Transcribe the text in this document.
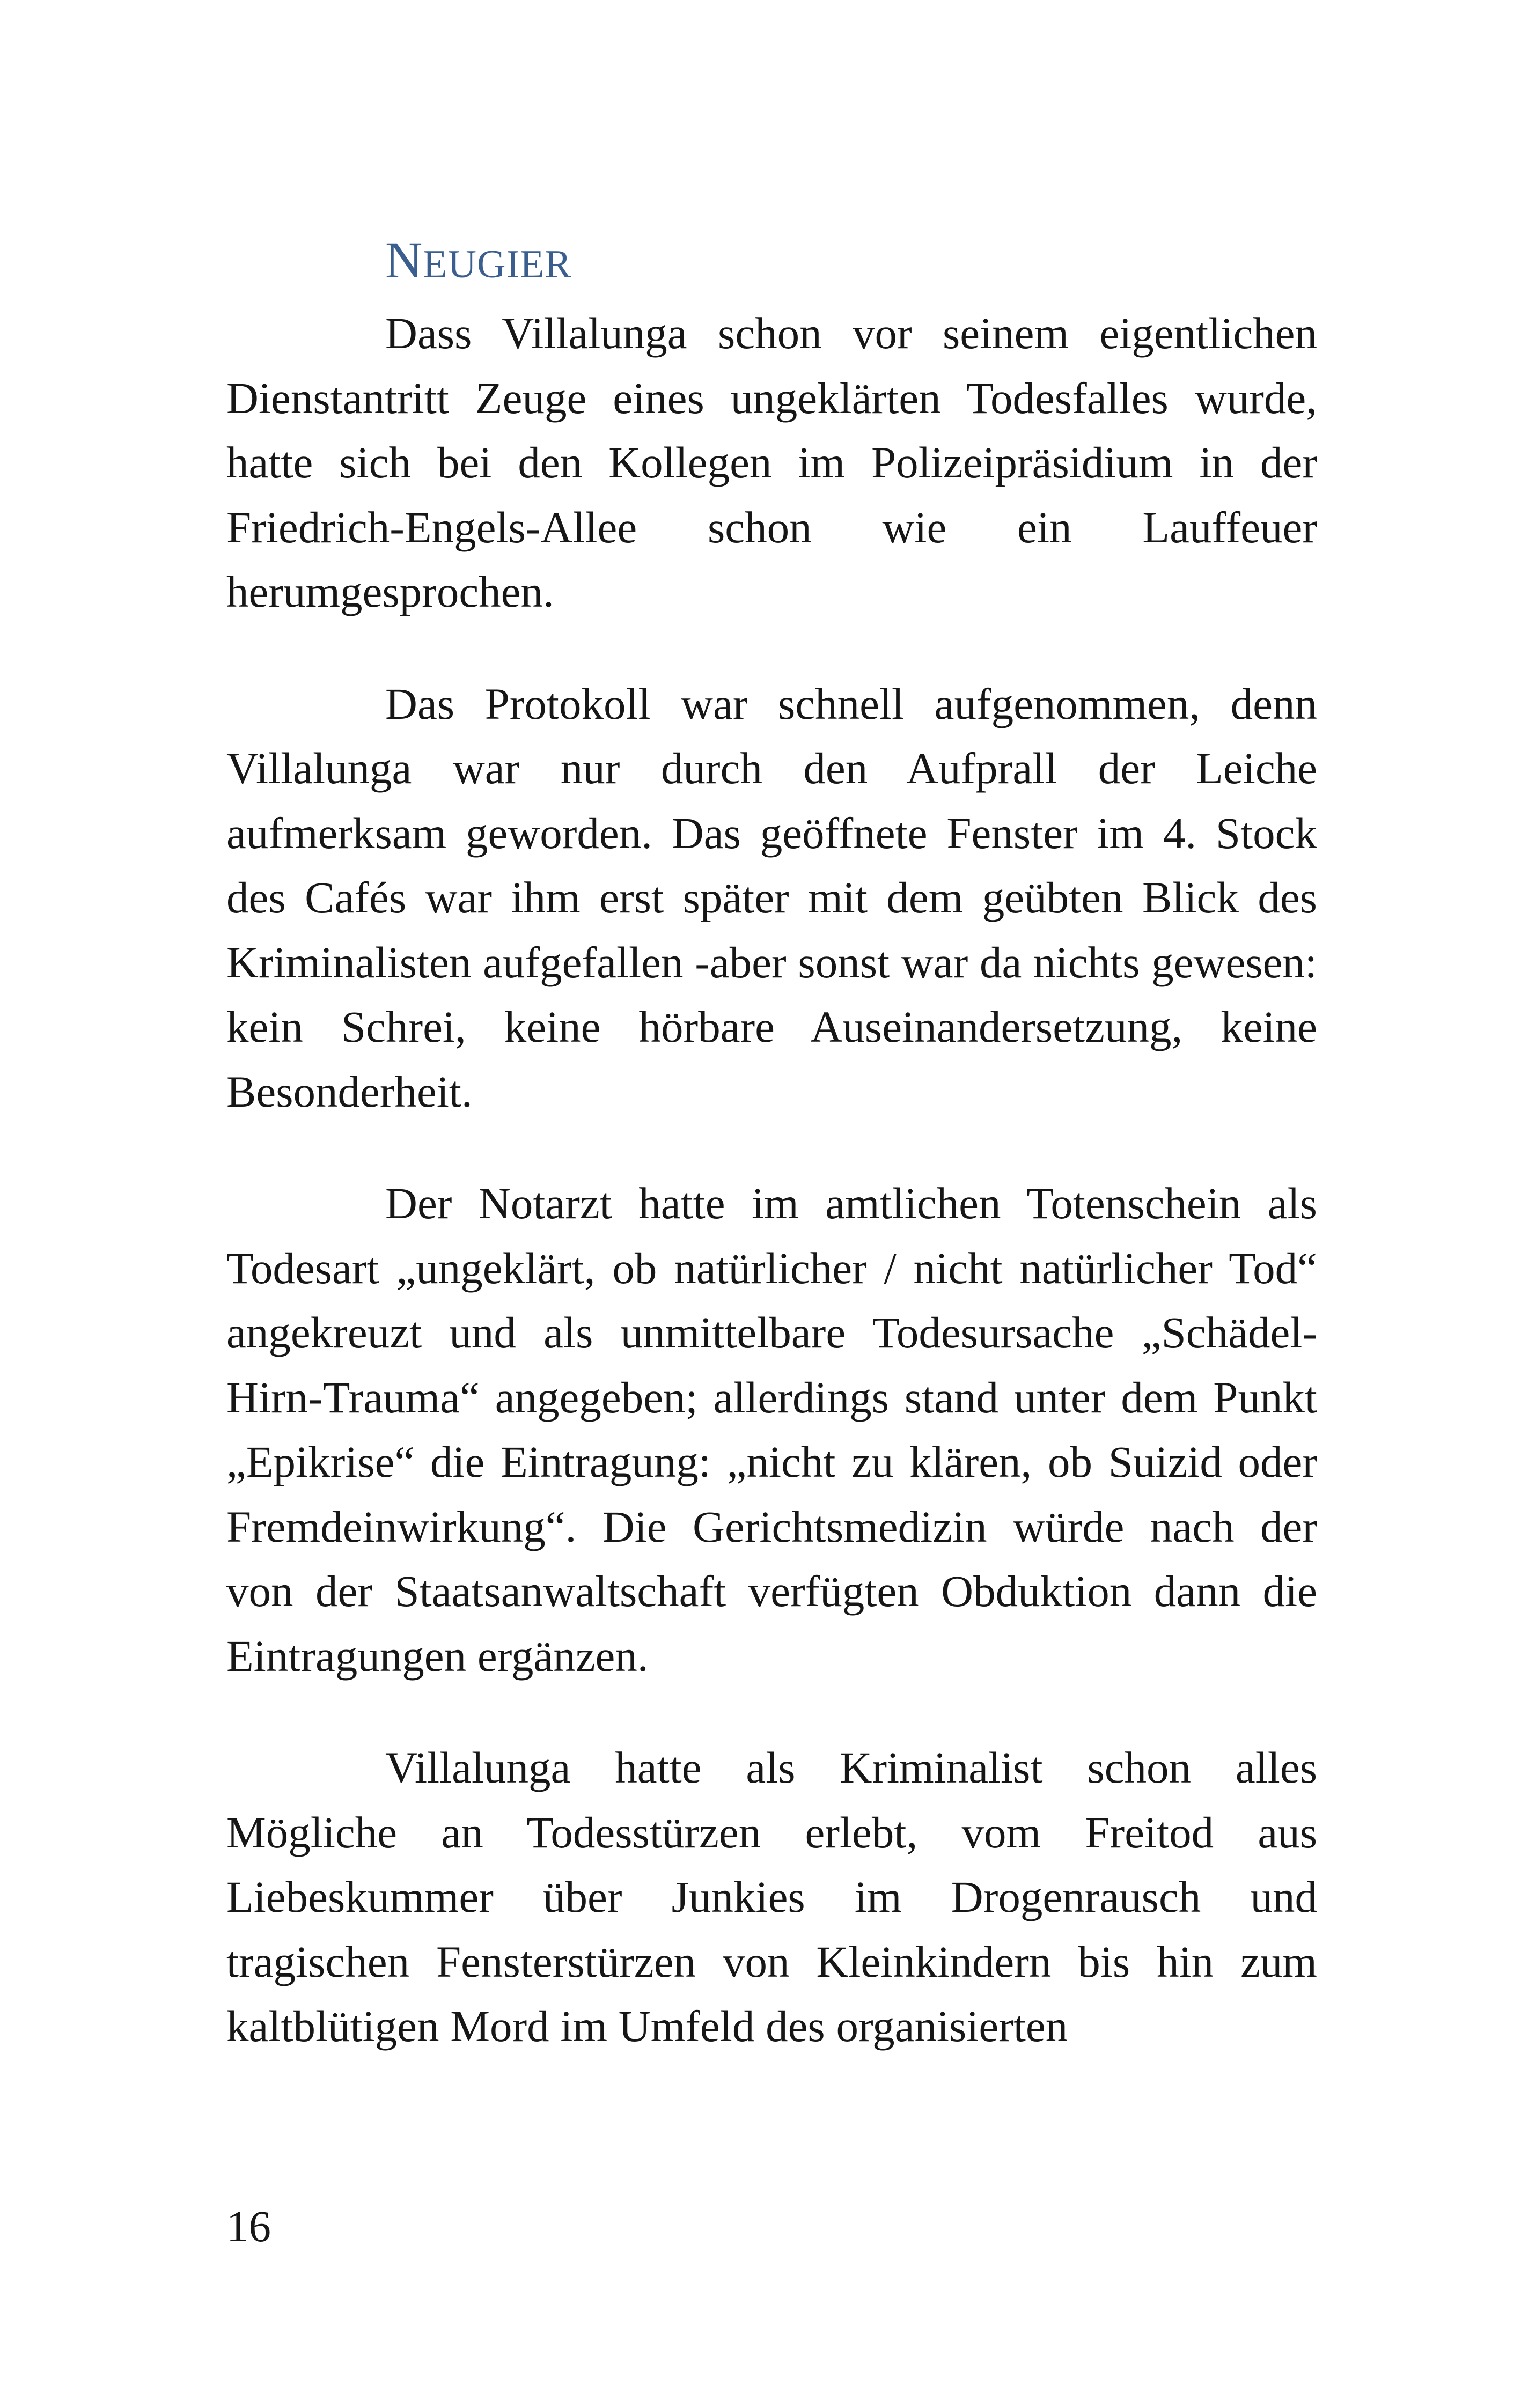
NEUGIER

Dass Villalunga schon vor seinem eigentlichen Dienstantritt Zeuge eines ungeklärten Todesfalles wurde, hatte sich bei den Kollegen im Polizeipräsidium in der Friedrich-Engels-Allee schon wie ein Lauffeuer herumgesprochen.

Das Protokoll war schnell aufgenommen, denn Villalunga war nur durch den Aufprall der Leiche aufmerksam geworden. Das geöffnete Fenster im 4. Stock des Cafés war ihm erst später mit dem geübten Blick des Kriminalisten aufgefallen -aber sonst war da nichts gewesen: kein Schrei, keine hörbare Auseinandersetzung, keine Besonderheit.

Der Notarzt hatte im amtlichen Totenschein als Todesart „ungeklärt, ob natürlicher / nicht natürlicher Tod“ angekreuzt und als unmittelbare Todesursache „Schädel-Hirn-Trauma“ angegeben; allerdings stand unter dem Punkt „Epikrise“ die Eintragung: „nicht zu klären, ob Suizid oder Fremdeinwirkung“. Die Gerichtsmedizin würde nach der von der Staatsanwaltschaft verfügten Obduktion dann die Eintragungen ergänzen.

Villalunga hatte als Kriminalist schon alles Mögliche an Todesstürzen erlebt, vom Freitod aus Liebeskummer über Junkies im Drogenrausch und tragischen Fensterstürzen von Kleinkindern bis hin zum kaltblütigen Mord im Umfeld des organisierten

16
